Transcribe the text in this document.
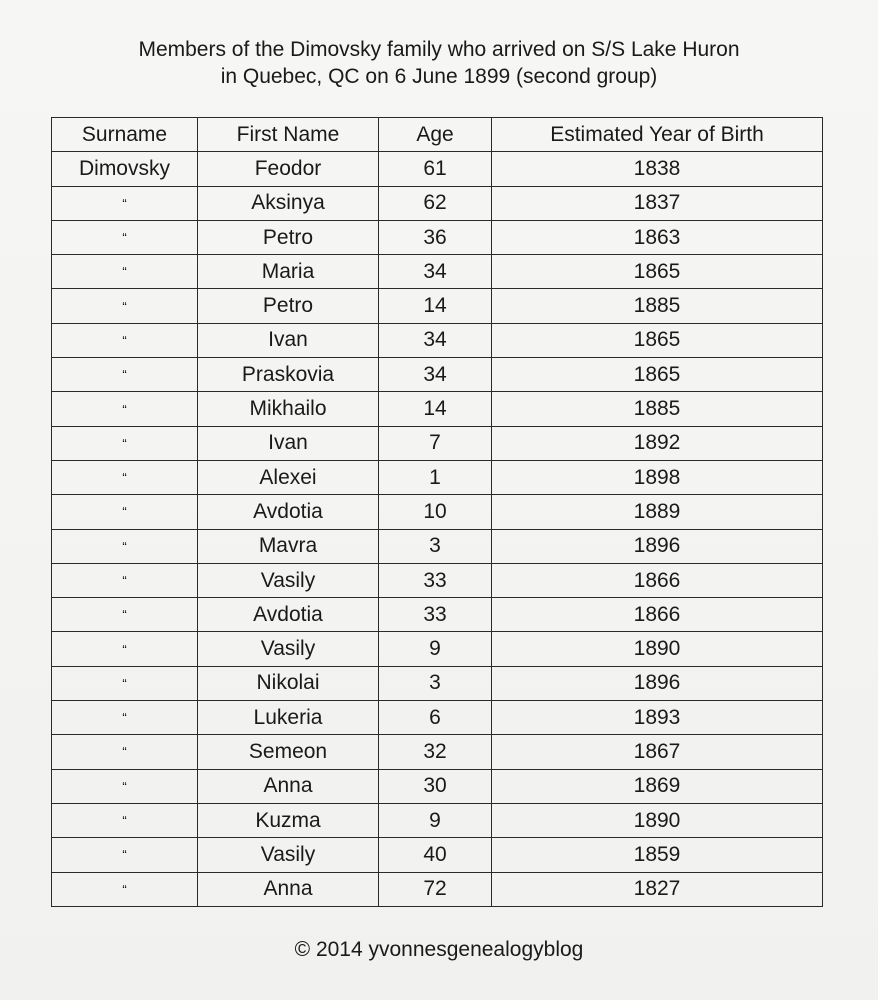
Members of the Dimovsky family who arrived on S/S Lake Huron
in Quebec, QC on 6 June 1899 (second group)
Surname	First Name	Age	Estimated Year of Birth
Dimovsky	Feodor	61	1838
“	Aksinya	62	1837
“	Petro	36	1863
“	Maria	34	1865
“	Petro	14	1885
“	Ivan	34	1865
“	Praskovia	34	1865
“	Mikhailo	14	1885
“	Ivan	7	1892
“	Alexei	1	1898
“	Avdotia	10	1889
“	Mavra	3	1896
“	Vasily	33	1866
“	Avdotia	33	1866
“	Vasily	9	1890
“	Nikolai	3	1896
“	Lukeria	6	1893
“	Semeon	32	1867
“	Anna	30	1869
“	Kuzma	9	1890
“	Vasily	40	1859
“	Anna	72	1827

© 2014 yvonnesgenealogyblog
